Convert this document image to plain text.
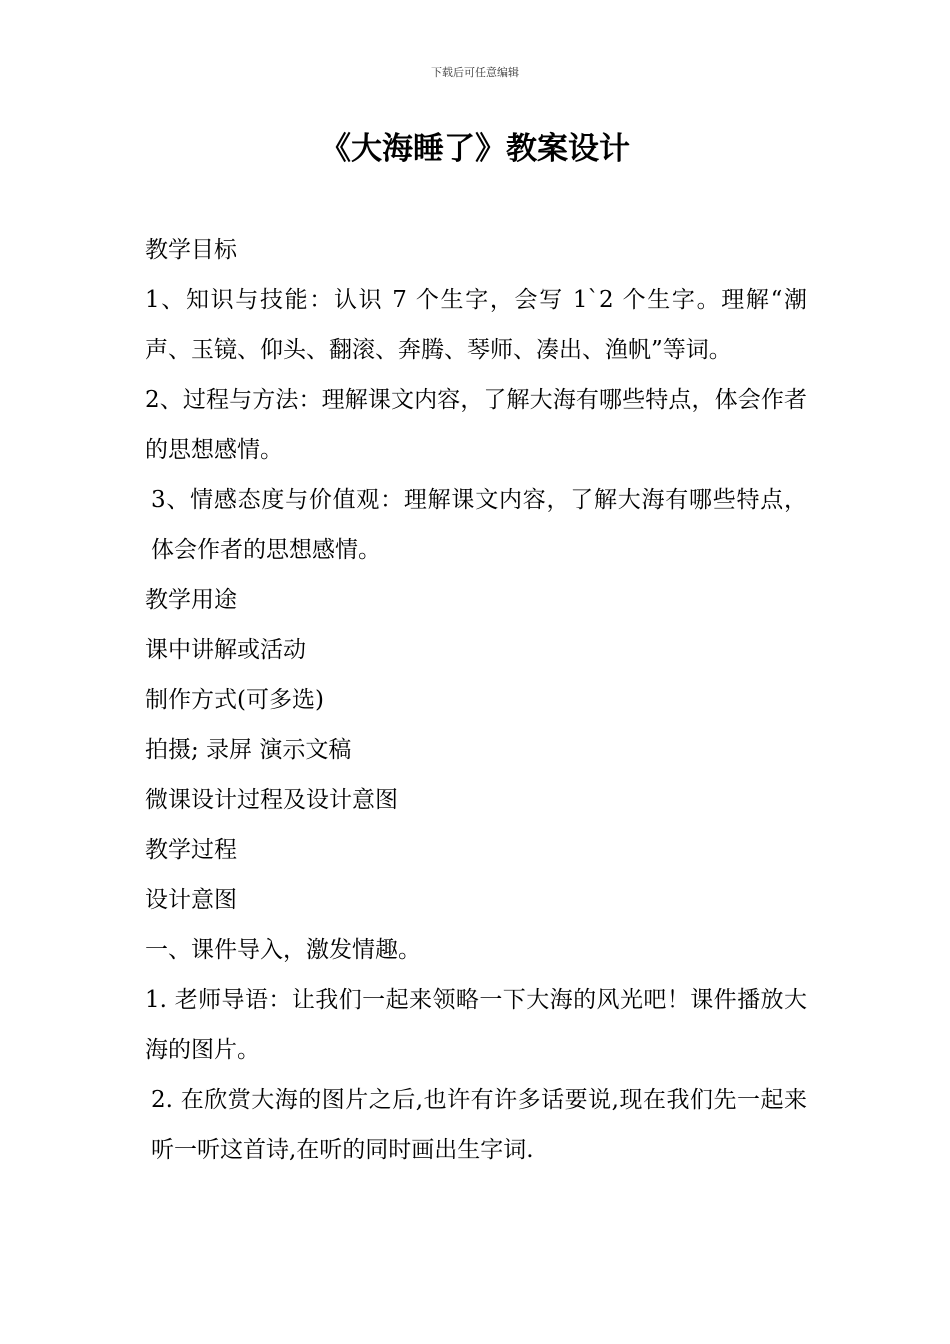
下载后可任意编辑
《大海睡了》教案设计

教学目标

1、知识与技能：认识 7 个生字，会写 1`2 个生字。理解“潮声、玉镜、仰头、翻滚、奔腾、琴师、凑出、渔帆”等词。

2、过程与方法：理解课文内容，了解大海有哪些特点，体会作者的思想感情。

3、情感态度与价值观：理解课文内容，了解大海有哪些特点，体会作者的思想感情。

教学用途

课中讲解或活动

制作方式(可多选)

拍摄; 录屏 演示文稿

微课设计过程及设计意图

教学过程

设计意图

一、课件导入，激发情趣。

1. 老师导语：让我们一起来领略一下大海的风光吧！课件播放大海的图片。

2. 在欣赏大海的图片之后,也许有许多话要说,现在我们先一起来听一听这首诗,在听的同时画出生字词.
